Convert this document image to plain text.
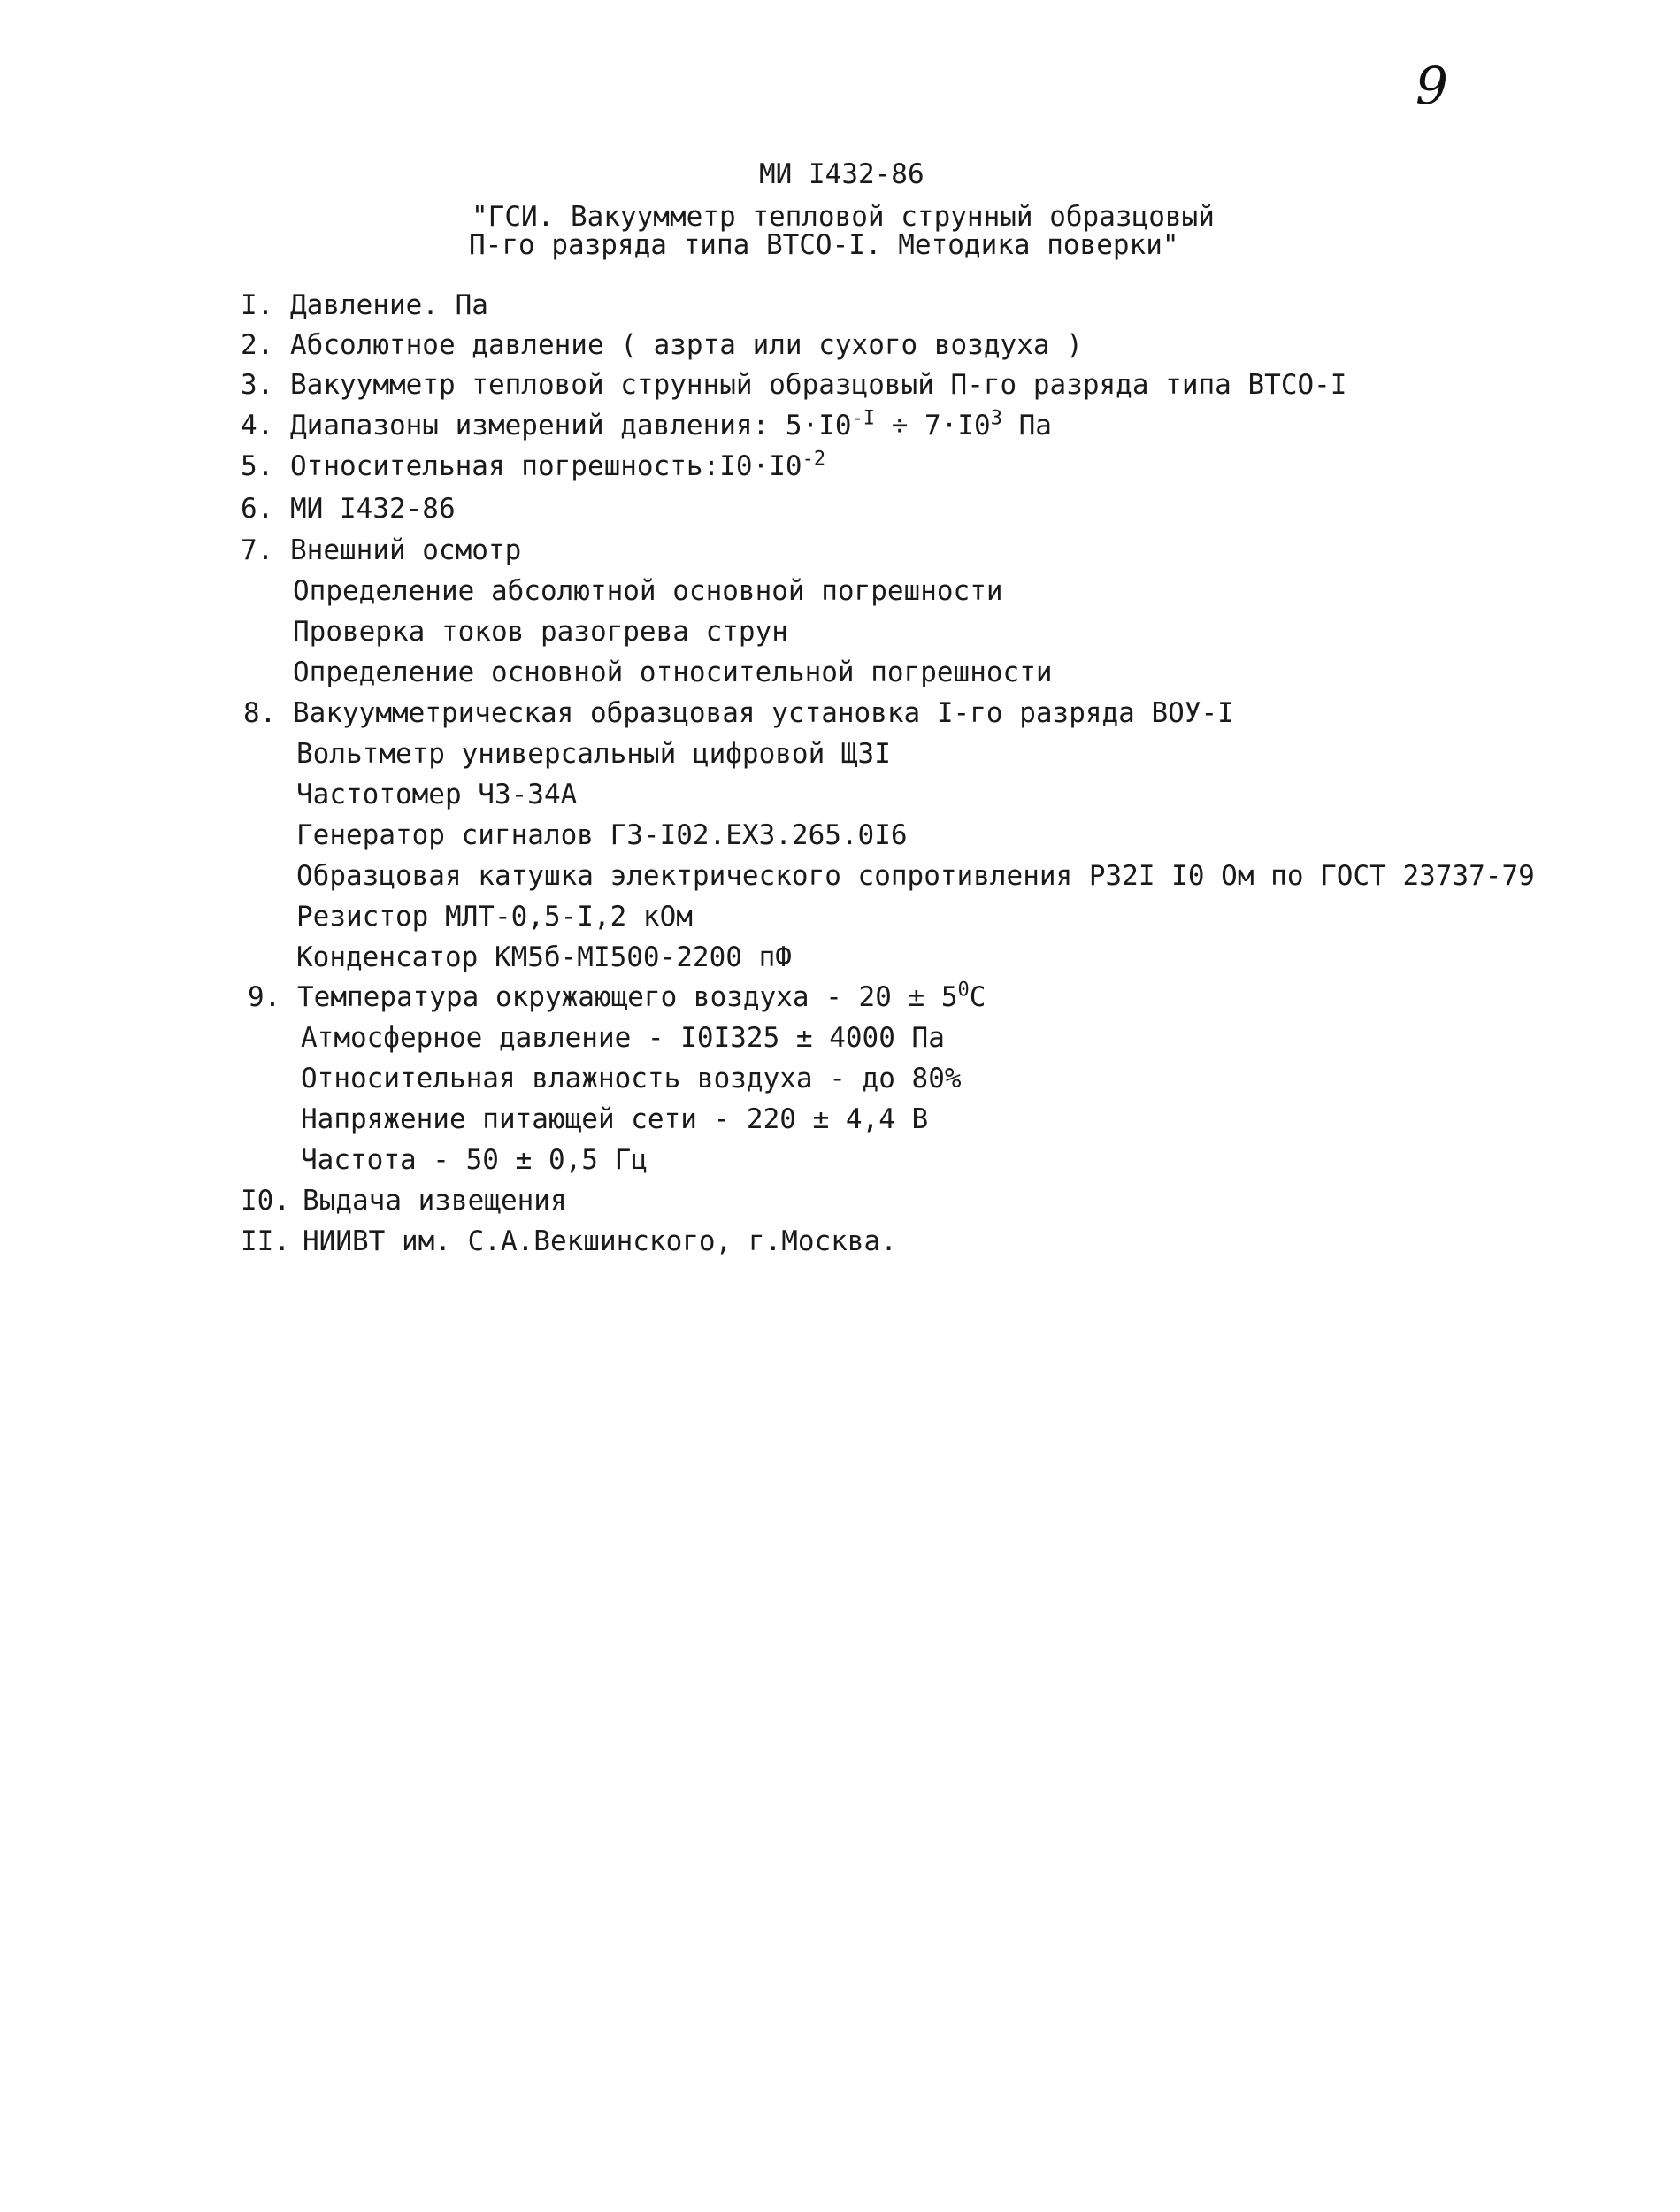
9
МИ I432-86
"ГСИ. Вакуумметр тепловой струнный образцовый
П-го разряда типа ВТСО-I. Методика поверки"
I. Давление. Па
2. Абсолютное давление ( азрта или сухого воздуха )
3. Вакуумметр тепловой струнный образцовый П-го разряда типа ВТСО-I
4. Диапазоны измерений давления: $5\cdot I0^{-I} \div 7\cdot I0^3$ Па
5. Относительная $погрешность:I0\cdot I0^{-2}$
6. МИ I432-86
7. Внешний осмотр
Определение абсолютной основной погрешности
Проверка токов разогрева струн
Определение основной относительной погрешности
8. Вакуумметрическая образцовая установка I-го разряда ВОУ-I
Вольтметр универсальный цифровой Щ3I
Частотомер Ч3-34А
Генератор сигналов Г3-I02.ЕХ3.265.0I6
Образцовая катушка электрического сопротивления Р32I I0 Ом по ГОСТ 23737-79
Резистор МЛТ-0,5-I,2 кОм
Конденсатор КМ5б-МI500-2200 пФ
9. Температура окружающего воздуха - $20 \pm 5^0С$
Атмосферное давление - I0I325 ± 4000 Па
Относительная влажность воздуха - до 80%
Напряжение питающей сети - 220 ± 4,4 В
Частота - 50 ± 0,5 Гц
I0. Выдача извещения
II. НИИВТ им. С.А.Векшинского, г.Москва.
